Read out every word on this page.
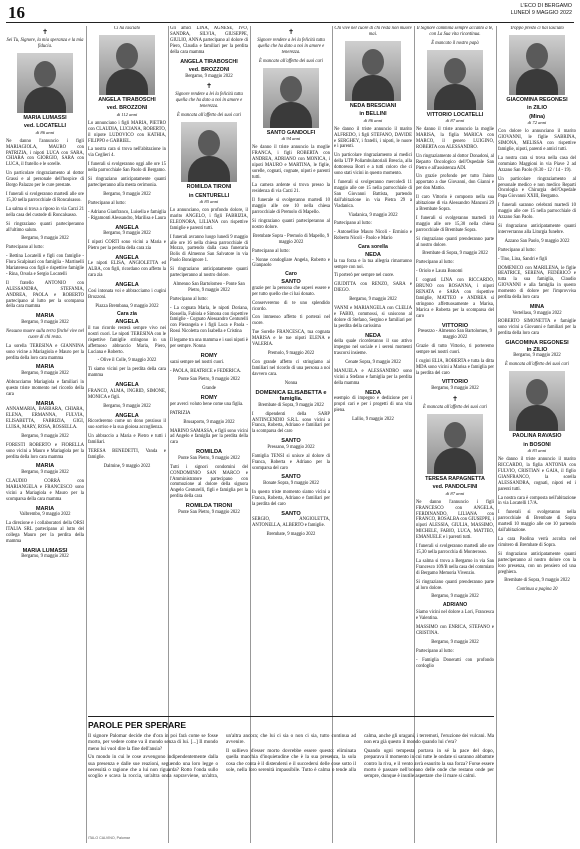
16	L'ECO DI BERGAMO
LUNEDÌ 9 MAGGIO 2022
✝

Sei Tu, Signore, la mia speranza e la mia fiducia.

MARIA LUMASSI
ved. LOCATELLI
di 86 anni

Ne danno l'annuncio i figli MARIAGIOLA, MAURO con PATRIZIA, i nipoti LUCA con SARA, CHIARA con GIORGIO, SARA con LUCA, il fratello e le sorelle.

Un particolare ringraziamento al dottor Grassi e al personale dell'hospice di Borgo Palazzo per le cure prestate.

I funerali si svolgeranno martedì alle ore 15,30 nella parrocchiale di Roncalsasso.

La salma si trova a riposo in via Carzi 21 nella casa del custode di Roncalsasso.

Si ringraziano quanti parteciperanno all'ultimo saluto.

Bergamo, 9 maggio 2022

Partecipano al lutto:

- Bettina Locatelli e figli con famiglie - Flora Scalpinati con famiglia - Martinelli Mariateresa con figli e rispettive famiglie - Rina, Orsola e Sergio Locatelli

Il fratello ANTONIO con ALESSANDRA, STEFANIA, ANDREA, PAOLA e ROBERTO partecipano al lutto per la scomparsa della cara mamma

MARIA

Bergamo, 9 maggio 2022

Nessuno muore sulla terra finché vive nel cuore di chi resta.

La sorella TERESINA e GIANNINA sono vicine a Mariagiola e Mauro per la perdita della loro cara mamma

MARIA

Bergamo, 9 maggio 2022

Abbracciamo Mariagiola e familiari in questo triste momento nel ricordo della cara

MARIA

ANNAMARIA, BARBARA, CHIARA, ELENA, ERMANNA, FULVIA, ELISABETTA, FABRIZIA, GIGI, LUISA, MARY, ROSA, ROSSELLA.

Bergamo, 9 maggio 2022

FORESTI ROBERTO e FIORELLA sono vicini a Mauro e Mariagiola per la perdita della loro cara mamma

MARIA

Bergamo, 9 maggio 2022

CLAUDIO CORRÀ con MARIANGELA e FRANCESCO sono vicini a Mariagiola e Mauro per la scomparsa della cara mamma

MARIA

Valbrembo, 9 maggio 2022

La direzione e i collaboratori della ORSI ITALIA SRL partecipano al lutto del collega Mauro per la perdita della mamma

MARIA LUMASSI

Bergamo, 9 maggio 2022

Ci ha lasciato

ANGELA TIRABOSCHI
ved. BROZZONI
di 112 anni

Lo annunciano i figli MARIA, PIETRO con CLAUDIA, LUCIANA, ROBERTO, il nipote LUDOVICO con KATHIA, FILIPPO e GABRIEL.

La nostra cara si trova nell'abitazione in via Ceglieri 4.

I funerali si svolgeranno oggi alle ore 15 nella parrocchiale San Paolo di Bergamo.

Si ringraziano anticipatamente quanti parteciperanno alla mesta cerimonia.

Bergamo, 9 maggio 2022

Partecipano al lutto:

- Adriano Gianfranco, Luisella e famiglia - Rigamonti Alessandro, Marilisa e Laura

ANGELA

Bergamo, 9 maggio 2022

I nipoti CORTI sono vicini a Maria e Pietro per la perdita della cara zia

ANGELA

Le nipoti ELISA, ANGIOLETTA ed ALBA, con figli, ricordano con affetto la cara zia

ANGELA

Così intonata voi e abbracciamo i cugini Brozzoni.

Piazza Brembana, 9 maggio 2022

Cara zia
ANGELA

il tuo ricordo resterà sempre vivo nei nostri cuori. Le nipoti TERESINA con le rispettive famiglie stringono in un affettuoso abbraccio Maria, Piero, Luciana e Roberto.

- Olive il Colle, 9 maggio 2022

Ti siamo vicini per la perdita della cara mamma

ANGELA

FRANCO, ALMA, INGRID, SIMONE, MONICA e figli.

Bergamo, 9 maggio 2022

ANGELA

Ricorderemo come un dono prezioso il suo sorriso e la sua gioiosa accoglienza.

Un abbraccio a Maria e Pietro e tutti i familiari.

TERESA BENEDETTI, Vanda e famiglie.

Dalmine, 9 maggio 2022

Gli amici LINA, AGNESE, IVO, SANDRA, SILVIA, GIUSEPPE, GIULIO, ANNA partecipano al dolore di Piero, Claudia e familiari per la perdita della cara mamma

ANGELA TIRABOSCHI
ved. BROZZONI

Bergamo, 9 maggio 2022

✝

Signore rendete a lei la felicità tutta quella che ha dato a noi in amore e tenerezza.

È mancata all'affetto dei suoi cari

ROMILDA TIRONI
in CENTURELLI
di 85 anni

Lo annunciano, con profondo dolore, il marito ANGELO, i figli FABRIZIA, ELEONORA, LILIANA con rispettive famiglie e parenti tutti.

I funerali avranno luogo lunedì 9 maggio alle ore 16 nella chiesa parrocchiale di Mozzo, partendo dalla casa funeraria Bolis di Almenno San Salvatore in via Paolo Bonsignore 1.

Si ringraziano anticipatamente quanti parteciperanno al nostro dolore.

Almenno San Bartolomeo - Ponte San Pietro, 9 maggio 2022

Partecipano al lutto:

- La cognata Maria, le nipoti Doriana, Rossella, Fabiola e Simona con rispettive famiglie - Cognato Alessandro Centurelli con Pierangela e i figli Luca e Paola - Rossi Nicoletta con Isabella e Cristina

Il legame tra una mamma e i suoi nipoti è per sempre. Nonna

ROMY

sarai sempre nel nostri cuori.

- PAOLA, BEATRICE e FEDERICA.

Ponte San Pietro, 9 maggio 2022

Grande

ROMY

per averci voluto bene come una figlia.

PATRIZIA

Brusaporto, 9 maggio 2022

MARINO SAMASSA, e figli sono vicini ad Angelo e famiglia per la perdita della cara

ROMILDA

Ponte San Pietro, 9 maggio 2022

Tutti i signori condomini del CONDOMINIO SAN MARCO e l'Amministratore partecipano con commozione al dolore della signora Angelo Centurelli, figli e famiglia per la perdita della cara

ROMILDA TIRONI

Ponte San Pietro, 9 maggio 2022

✝

Signore rendete a lei la felicità tutta quella che ha dato a noi in amore e tenerezza.

È mancato all'affetto dei suoi cari

SANTO GANDOLFI
di 94 anni

Ne danno il triste annuncio la moglie FRANCA, i figli ROBERTA con ANDREA, ADRIANO con MONICA, i nipoti MAURO e MARTINA, le figlie, sorelle, cognati, cognate, nipoti e parenti tutti.

La camera ardente si trova presso la residenza di via Carzi 21.

Il funerale si svolgeranno martedì 10 maggio alle ore 10 nella chiesa parrocchiale di Premolo di Mapello.

Si ringraziano quanti parteciperanno al nostro dolore.

Brembate Sopra - Premolo di Mapello, 9 maggio 2022

Partecipano al lutto:

- Nonne condogliare Angela, Roberto e Gianpaolo

Caro
SANTO

grazie per la persona che sapevi essere e per tutto quello che ci hai donato.

Conserveremo di te uno splendido ricordo.

Con immenso affetto ti porterai nel cuore.

Tue Sorelle FRANCESCA, tua cognata MARISA e le tue nipoti ELENA e VALERIA.

Premolo, 9 maggio 2022

Con grande affetto ci stringiamo ai familiari nel ricordo di una persona a noi davvero cara.

Nonna

DOMENICA ELISABETTA e famiglia.

Brembate di Sopra, 9 maggio 2022

I dipendenti della SARP ANTINCENDIO S.R.L. sono vicini a Franca, Roberta, Adriano e familiari per la scomparsa del caro

SANTO

Pressano, 9 maggio 2022

Famiglia TENSI si unisce al dolore di Franca, Roberta e Adriano per la scomparsa del caro

SANTO

Bonate Sopra, 9 maggio 2022

In questo triste momento siamo vicini a Franca, Roberta, Adriano e familiari per la perdita del caro

SANTO

SERGIO, ANGIOLETTA, ANTONELLA, ALBERTO e famiglie.

Brembate, 9 maggio 2022

Chi vive nel cuore di chi resta non muore mai.

NEDA BRESCIANI
in BELLINI
di 86 anni

Ne danno il triste annuncio il marito ALFREDO, i figli STEFANO, DAVIDE e SERGHEY, i fratelli, i nipoti, le nuore e i parenti.

Un particolare ringraziamento ai medici della UTP Poliambulatoriali Brescia, alla dottoressa Borri e a tutti coloro che ci sono stati vicini in questo momento.

I funerali si svolgeranno mercoledì 11 maggio alle ore 15 nella parrocchiale di San Giovanni Battista, partendo dall'abitazione in via Pietra 29 a Viadanica.

Viadanica, 9 maggio 2022

Partecipano al lutto:

- Antonellise Mauro Nicoli - Erminio e Roberto Nicoli - Paolo e Mario

Cara sorella
NEDA

la tua forza e la tua allegria rimarranno sempre con noi.

Ti porterò per sempre nel cuore.

GIUDITTA con RENZO, SARA e DIEGO.

Bergamo, 9 maggio 2022

VANNI e MARIANGELA con CLELIA e FABIO, commossi, si uniscono al dolore di Stefano, Sergino e familiari per la perdita della carissima

NEDA

della quale ricorderanno il suo attivo impegno nel sociale e i sereni momenti trascorsi insieme.

Cenate Sopra, 9 maggio 2022

MANUELA e ALESSANDRO sono vicini a Stefano e famiglia per la perdita della mamma

NEDA

esempio di impegno e dedizione per i propri cari e per i progetti di una vita piena.

Lallio, 9 maggio 2022

Il Signore cammina sempre accanto a te, con La Sua vita ricontinua.

È mancato il nostro papà

VITTORIO LOCATELLI
di 87 anni

Ne danno il triste annuncio la moglie MARISA, la figlia MARICA con MARCO, il genero LUIGINO, ROBERTA con ALESSANDRO.

Un ringraziamento al dottor Donadoni, al Reparto Oncologico dell'Ospedale San Pietro e all'assistenza ADI.

Un grazie profondo per tutto l'aiuto apportato a due Giovanni, don Gianni e per don Mattio.

Il caro Vittorio è composto nella sua abitazione di via Alessandro Manzoni 29 a Brembate Sopra.

I funerali si svolgeranno martedì 10 maggio alle ore 15,30 nella chiesa parrocchiale di Brembate Sopra.

Si ringraziano quanti prenderanno parte al nostro dolore.

Brembate di Sopra, 9 maggio 2022

Partecipano al lutto:

- Oriolo e Laura Bonomi

I cognati LINA con RICCARDO, BRUNO con ROSANNA, i nipoti RENATA e SARA con rispettive famiglie, MATTEO e ANDREA si stringono affettuosamente a Marisa, Marica e Roberta per la scomparsa del caro

VITTORIO

Presezzo - Almenno San Bartolomeo, 9 maggio 2022

Grazie di tutto Vittorio, ti porteremo sempre nei nostri cuori.

I cugini ELIA, ROBERTA e tutta la ditta MDA sono vicini a Marisa e famiglia per la perdita del caro

VITTORIO

Bergamo, 9 maggio 2022

✝

È mancata all'affetto dei suoi cari

TERESA RAPAGNETTA
ved. PANDOLFINI
di 87 anni

Ne danno l'annuncio i figli FRANCESCO con ANGELA, FERDINANDO, LILIANA con FRANCO, ROSALBA con GIUSEPPE, i nipoti ALESSIA, GIULIA, MASSIMO, MICHELE, FABIO, LUCA, MATTEO, EMANUELE e i parenti tutti.

I funerali si svolgeranno martedì alle ore 15,30 nella parrocchia di Monterosso.

La salma si trova a Bergamo in via San Francesco 109/B nella casa del commiato di Bergamo Memoria Vivenzio.

Si ringraziano quanti prenderanno parte al loro dolore.

Bergamo, 9 maggio 2022

ADRIANO

Siamo vicini nel dolore a Lori, Francesca e Valentina.

MASSIMO con ENRICA, STEFANO e CRISTINA.

Bergamo, 9 maggio 2022

Partecipano al lutto:

- Famiglia Doneratti con profondo cordoglio

Troppo presto ci hai lasciato

GIACOMINA REGONESI
in ZILIO
(Mina)
di 72 anni

Con dolore lo annunciano il marito GIOVANNI, le figlie SABRINA, SIMONA, MELISSA con rispettive famiglie, nipoti, parenti e amici tutti.

La nostra cara si trova nella casa del commiato Maggioni in via Piave 2 ad Azzano San Paolo (8.30 - 12 / 14 - 19).

Un particolare ringraziamento al personale medico e non medico Reparti Oncologia e Chirurgia dell'Ospedale Papa Giovanni XXIII, Bergamo.

I funerali saranno celebrati martedì 10 maggio alle ore 15 nella parrocchiale di Azzano San Paolo.

Si ringraziano anticipatamente quanti interverranno alla Liturgia funebre.

Azzano San Paolo, 9 maggio 2022

Partecipano al lutto:

- Tino, Lina, Sandri e figli

DOMENICO con MARILENA, le figlie BEATRICE, SERENA, FEDERICO e tutta la sua famiglia, Claudio GIOVANNI e alla famiglia in questo momento di dolore per l'improvvisa perdita della loro cara

MINA

Vertellasu, 9 maggio 2022

ROBERTO SIMONETTA e famiglie sono vicini a Giovanni e familiari per la perdita della loro cara

GIACOMINA REGONESI
in ZILIO

Bergamo, 9 maggio 2022

È mancata all'affetto dei suoi cari

PAOLINA RAVASIO
in BOSONI
di 83 anni

Ne danno il triste annuncio il marito RICCARDO, la figlia ANTONIA con FULVIO, CRISTIAN e GAIA, il figlio GIANFRANCO, la sorella ALESSANDRA, cognati, nipoti ed i parenti tutti.

La nostra cara è composta nell'abitazione in via Locatelli 17/A.

I funerali si svolgeranno nella parrocchiale di Brembate di Sopra martedì 10 maggio alle ore 10 partendo dall'abitazione.

La cara Paolina verrà accolta nel cimitero di Brembate di Sopra.

Si ringraziano anticipatamente quanti parteciperanno al nostro dolore con la loro presenza, con un pensiero od una preghiera.

Brembate di Sopra, 9 maggio 2022

Continua a pagina 20

PAROLE PER SPERARE

Il signore Palomar decide che d'ora in poi farà come se fosse morto, per vedere come va il mondo senza di lui. [...] Il mondo meno lui vuol dire la fine dell'ansia?

Un mondo in cui le cose avvengono indipendentemente dalla sua presenza e dalle sue reazioni, seguendo una loro legge o necessità o ragione che a lui non riguarda? Rotto l'onda sullo scoglio e scava la roccia, un'altra onda sopravviene, un'altra, un'altra ancora; che lui ci sia o non ci sia, tutto continua ad avvenire.

Il sollievo d'esser morto dovrebbe essere questo: eliminata quella macchia d'inquietudine che è la sua presenza, la sola cosa che conta è il distendersi e il succedersi delle cose sotto il sole, nella loro serenità impassibile. Tutto è calma o tende alla calma, anche gli uragani, i terremoti, l'eruzione dei vulcani. Ma non era già questo il mondo quando lui c'era?

Quando ogni tempesta portava in sé la pace del dopo, preparava il momento in cui tutte le ondate si saranno abbattute contro la riva, e il vento avrà esaurito la sua forza? Forse essere morto è passare nell'oceano delle onde che restano onde per sempre, dunque è inutile aspettare che il mare si calmi.

ITALO CALVINO, Palomar
